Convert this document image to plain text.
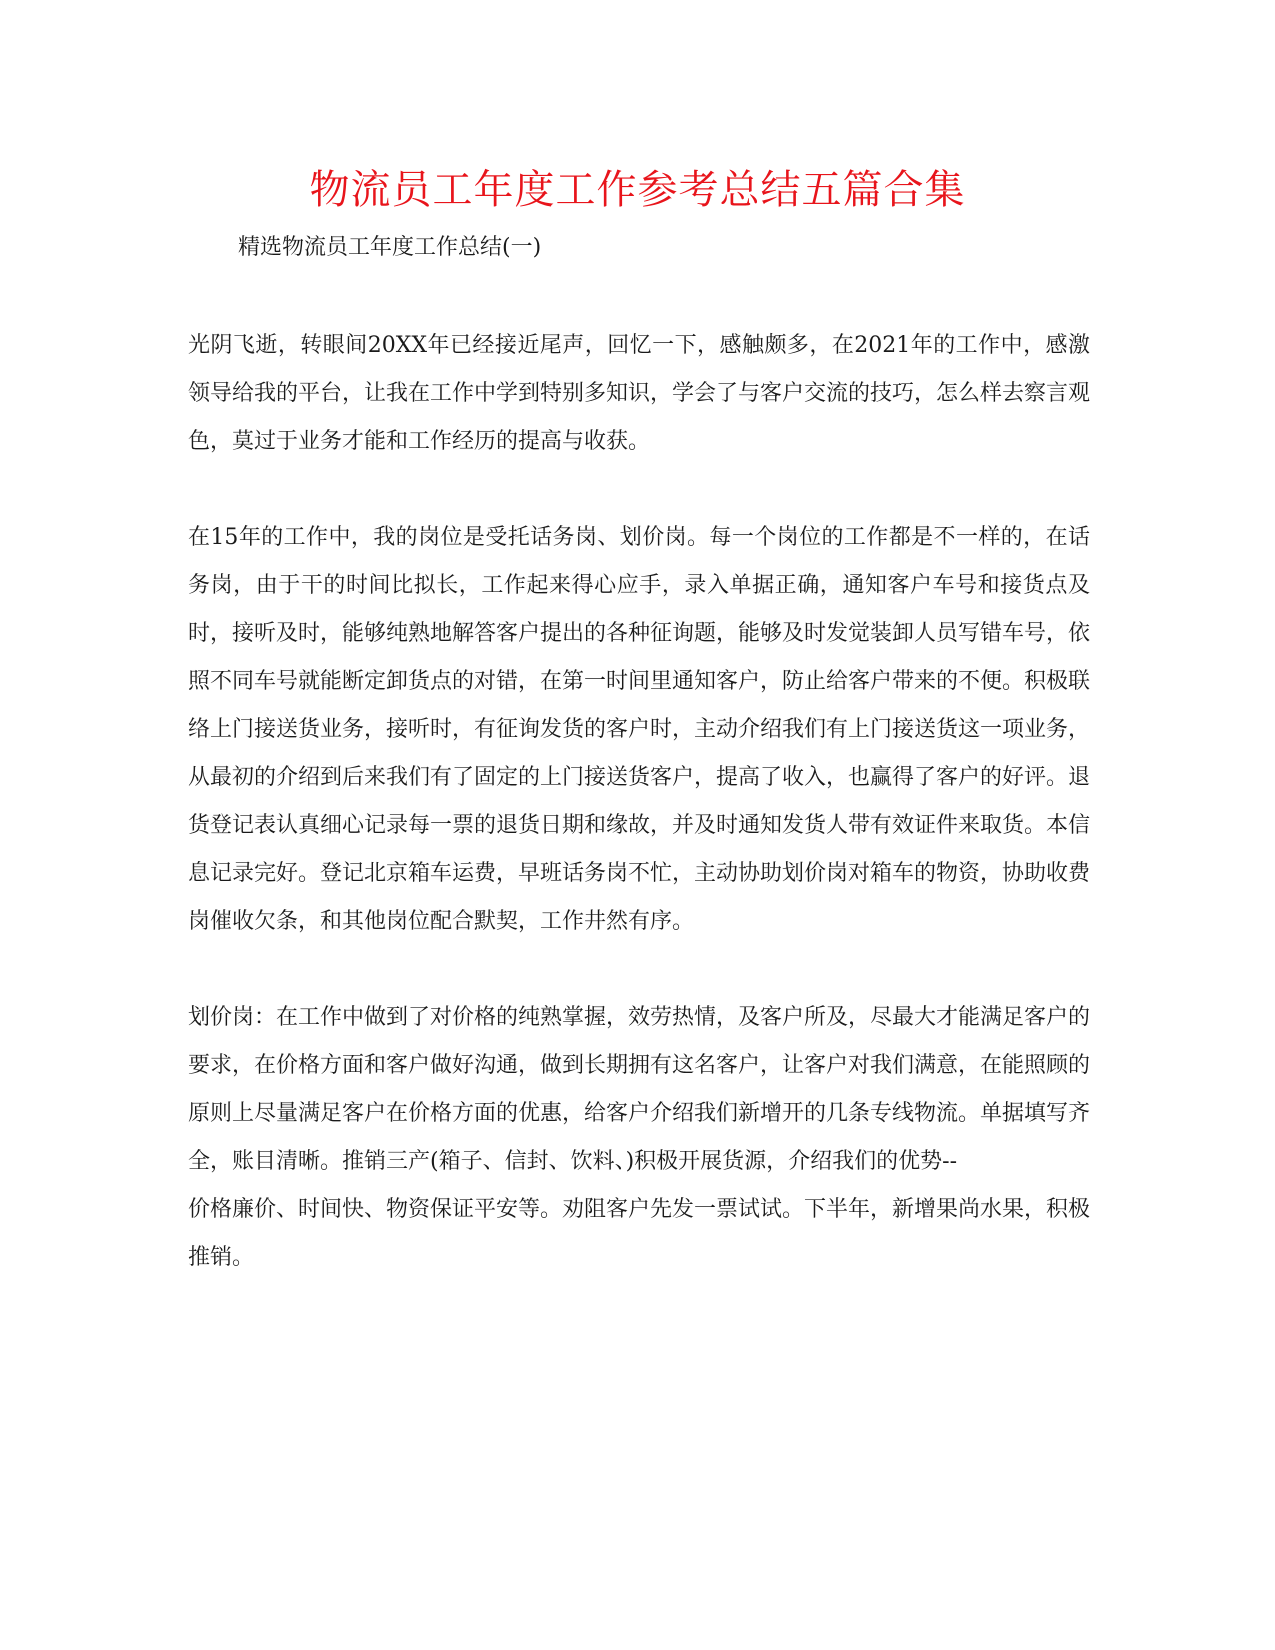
物流员工年度工作参考总结五篇合集
精选物流员工年度工作总结(一)

光阴飞逝，转眼间20XX年已经接近尾声，回忆一下，感触颇多，在2021年的工作中，感激领导给我的平台，让我在工作中学到特别多知识，学会了与客户交流的技巧，怎么样去察言观色，莫过于业务才能和工作经历的提高与收获。

在15年的工作中，我的岗位是受托话务岗、划价岗。每一个岗位的工作都是不一样的，在话务岗，由于干的时间比拟长，工作起来得心应手，录入单据正确，通知客户车号和接货点及时，接听及时，能够纯熟地解答客户提出的各种征询题，能够及时发觉装卸人员写错车号，依照不同车号就能断定卸货点的对错，在第一时间里通知客户，防止给客户带来的不便。积极联络上门接送货业务，接听时，有征询发货的客户时，主动介绍我们有上门接送货这一项业务，从最初的介绍到后来我们有了固定的上门接送货客户，提高了收入，也赢得了客户的好评。退货登记表认真细心记录每一票的退货日期和缘故，并及时通知发货人带有效证件来取货。本信息记录完好。登记北京箱车运费，早班话务岗不忙，主动协助划价岗对箱车的物资，协助收费岗催收欠条，和其他岗位配合默契，工作井然有序。

划价岗：在工作中做到了对价格的纯熟掌握，效劳热情，及客户所及，尽最大才能满足客户的要求，在价格方面和客户做好沟通，做到长期拥有这名客户，让客户对我们满意，在能照顾的原则上尽量满足客户在价格方面的优惠，给客户介绍我们新增开的几条专线物流。单据填写齐全，账目清晰。推销三产(箱子、信封、饮料、)积极开展货源，介绍我们的优势--

价格廉价、时间快、物资保证平安等。劝阻客户先发一票试试。下半年，新增果尚水果，积极推销。
